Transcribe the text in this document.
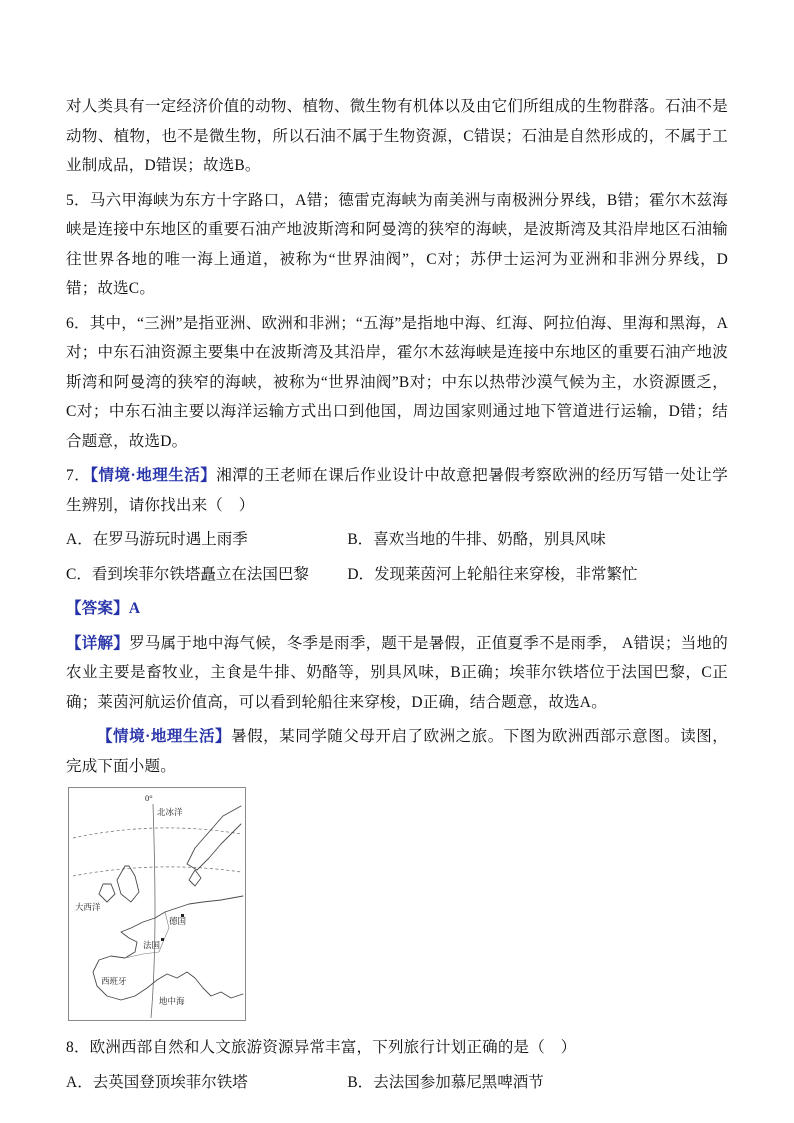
对人类具有一定经济价值的动物、植物、微生物有机体以及由它们所组成的生物群落。石油不是动物、植物，也不是微生物，所以石油不属于生物资源，C错误；石油是自然形成的，不属于工业制成品，D错误；故选B。

5．马六甲海峡为东方十字路口，A错；德雷克海峡为南美洲与南极洲分界线，B错；霍尔木兹海峡是连接中东地区的重要石油产地波斯湾和阿曼湾的狭窄的海峡，是波斯湾及其沿岸地区石油输往世界各地的唯一海上通道，被称为“世界油阀”，C对；苏伊士运河为亚洲和非洲分界线，D错；故选C。

6．其中，“三洲”是指亚洲、欧洲和非洲；“五海”是指地中海、红海、阿拉伯海、里海和黑海，A对；中东石油资源主要集中在波斯湾及其沿岸，霍尔木兹海峡是连接中东地区的重要石油产地波斯湾和阿曼湾的狭窄的海峡，被称为“世界油阀”B对；中东以热带沙漠气候为主，水资源匮乏，C对；中东石油主要以海洋运输方式出口到他国，周边国家则通过地下管道进行运输，D错；结合题意，故选D。

7．【情境·地理生活】湘潭的王老师在课后作业设计中故意把暑假考察欧洲的经历写错一处让学生辨别，请你找出来（　）

A．在罗马游玩时遇上雨季	B．喜欢当地的牛排、奶酪，别具风味
C．看到埃菲尔铁塔矗立在法国巴黎	D．发现莱茵河上轮船往来穿梭，非常繁忙

【答案】A

【详解】罗马属于地中海气候，冬季是雨季，题干是暑假，正值夏季不是雨季， A错误；当地的农业主要是畜牧业，主食是牛排、奶酪等，别具风味，B正确；埃菲尔铁塔位于法国巴黎，C正确；莱茵河航运价值高，可以看到轮船往来穿梭，D正确，结合题意，故选A。

【情境·地理生活】暑假，某同学随父母开启了欧洲之旅。下图为欧洲西部示意图。读图，完成下面小题。

0°
北冰洋
大西洋
德国
法国
西班牙
地中海

8．欧洲西部自然和人文旅游资源异常丰富，下列旅行计划正确的是（　）

A．去英国登顶埃菲尔铁塔	B．去法国参加慕尼黑啤酒节
